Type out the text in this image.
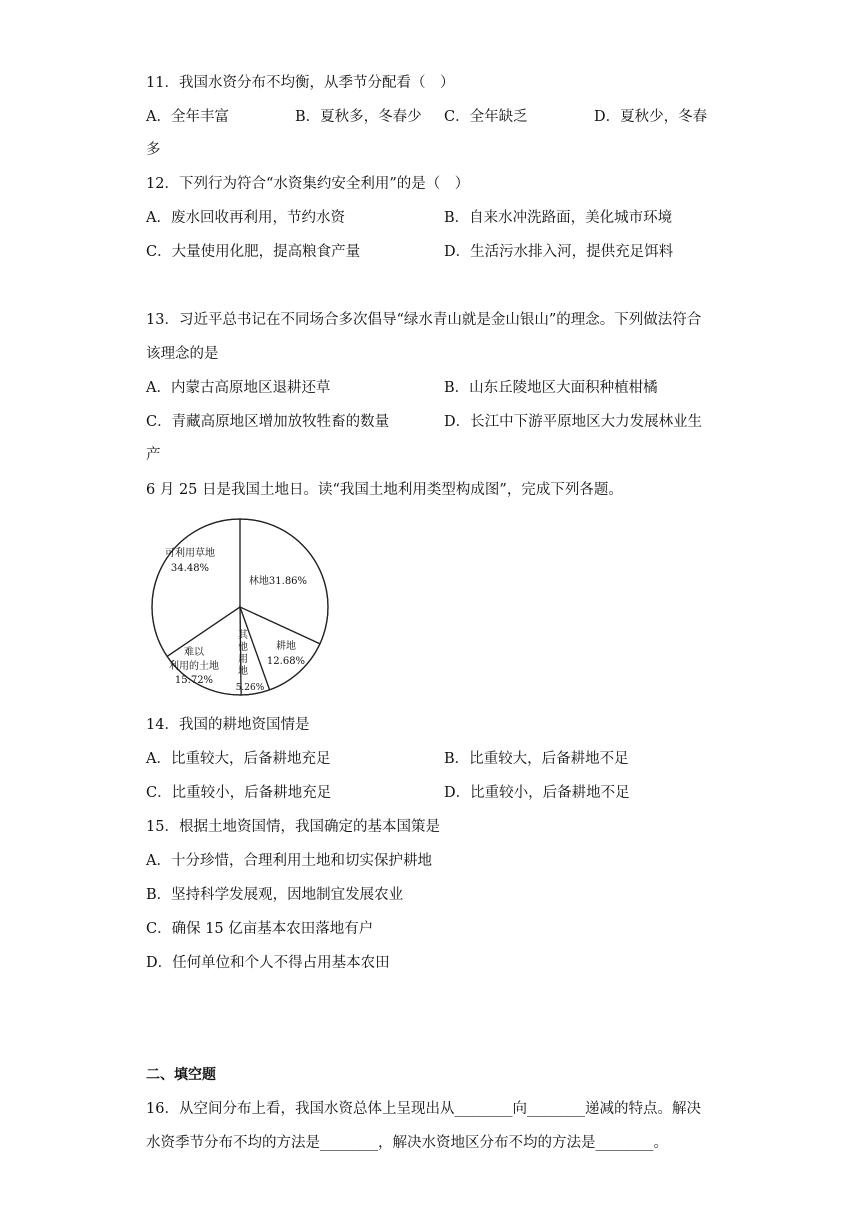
11．我国水资分布不均衡，从季节分配看（　）
A．全年丰富	B．夏秋多，冬春少 C．全年缺乏	D．夏秋少，冬春
多
12．下列行为符合“水资集约安全利用”的是（　）
A．废水回收再利用，节约水资	B．自来水冲洗路面，美化城市环境
C．大量使用化肥，提高粮食产量	D．生活污水排入河，提供充足饵料
13．习近平总书记在不同场合多次倡导“绿水青山就是金山银山”的理念。下列做法符合
该理念的是
A．内蒙古高原地区退耕还草	B．山东丘陵地区大面积种植柑橘
C．青藏高原地区增加放牧牲畜的数量	D．长江中下游平原地区大力发展林业生
产
6 月 25 日是我国土地日。读“我国土地利用类型构成图”，完成下列各题。
林地31.86%
耕地 12.68%
其他用地
5.26%
难以利用的土地 15.72%
可利用草地 34.48%
14．我国的耕地资国情是
A．比重较大，后备耕地充足	B．比重较大，后备耕地不足
C．比重较小，后备耕地充足	D．比重较小，后备耕地不足
15．根据土地资国情，我国确定的基本国策是
A．十分珍惜，合理利用土地和切实保护耕地
B．坚持科学发展观，因地制宜发展农业
C．确保 15 亿亩基本农田落地有户
D．任何单位和个人不得占用基本农田
二、填空题
16．从空间分布上看，我国水资总体上呈现出从________向________递减的特点。解决
水资季节分布不均的方法是________，解决水资地区分布不均的方法是________。
